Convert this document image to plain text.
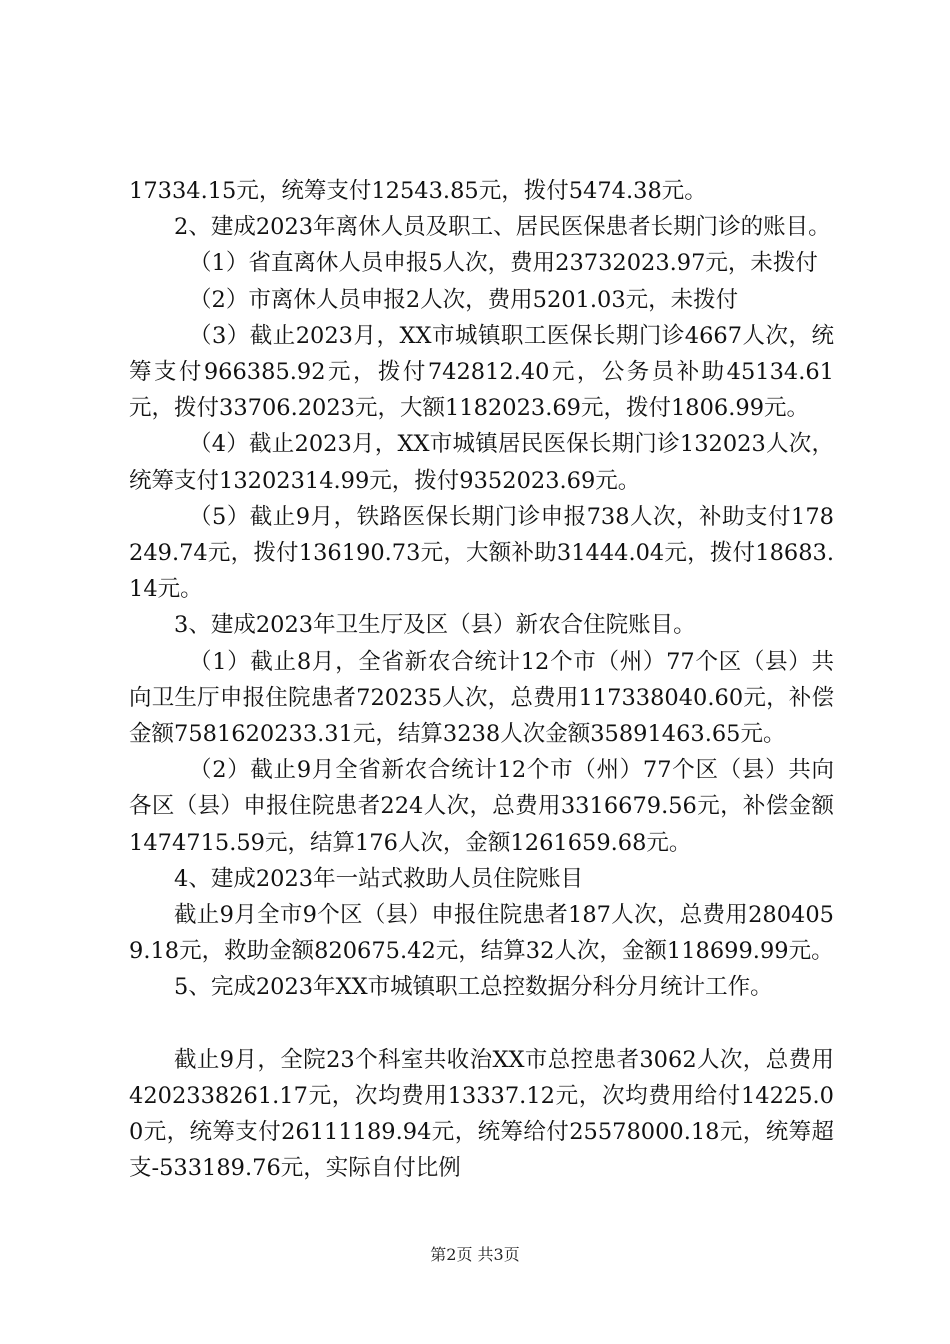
17334.15元，统筹支付12543.85元，拨付5474.38元。

2、建成2023年离休人员及职工、居民医保患者长期门诊的账目。

（1）省直离休人员申报5人次，费用23732023.97元，未拨付

（2）市离休人员申报2人次，费用5201.03元，未拨付

（3）截止2023月，XX市城镇职工医保长期门诊4667人次，统筹支付966385.92元，拨付742812.40元，公务员补助45134.61元，拨付33706.2023元，大额1182023.69元，拨付1806.99元。

（4）截止2023月，XX市城镇居民医保长期门诊132023人次，统筹支付13202314.99元，拨付9352023.69元。

（5）截止9月，铁路医保长期门诊申报738人次，补助支付178249.74元，拨付136190.73元，大额补助31444.04元，拨付18683.14元。

3、建成2023年卫生厅及区（县）新农合住院账目。

（1）截止8月，全省新农合统计12个市（州）77个区（县）共向卫生厅申报住院患者720235人次，总费用117338040.60元，补偿金额7581620233.31元，结算3238人次金额35891463.65元。

（2）截止9月全省新农合统计12个市（州）77个区（县）共向各区（县）申报住院患者224人次，总费用3316679.56元，补偿金额1474715.59元，结算176人次，金额1261659.68元。

4、建成2023年一站式救助人员住院账目

截止9月全市9个区（县）申报住院患者187人次，总费用2804059.18元，救助金额820675.42元，结算32人次，金额118699.99元。

5、完成2023年XX市城镇职工总控数据分科分月统计工作。

截止9月，全院23个科室共收治XX市总控患者3062人次，总费用4202338261.17元，次均费用13337.12元，次均费用给付14225.00元，统筹支付26111189.94元，统筹给付25578000.18元，统筹超支-533189.76元，实际自付比例

第2页 共3页
